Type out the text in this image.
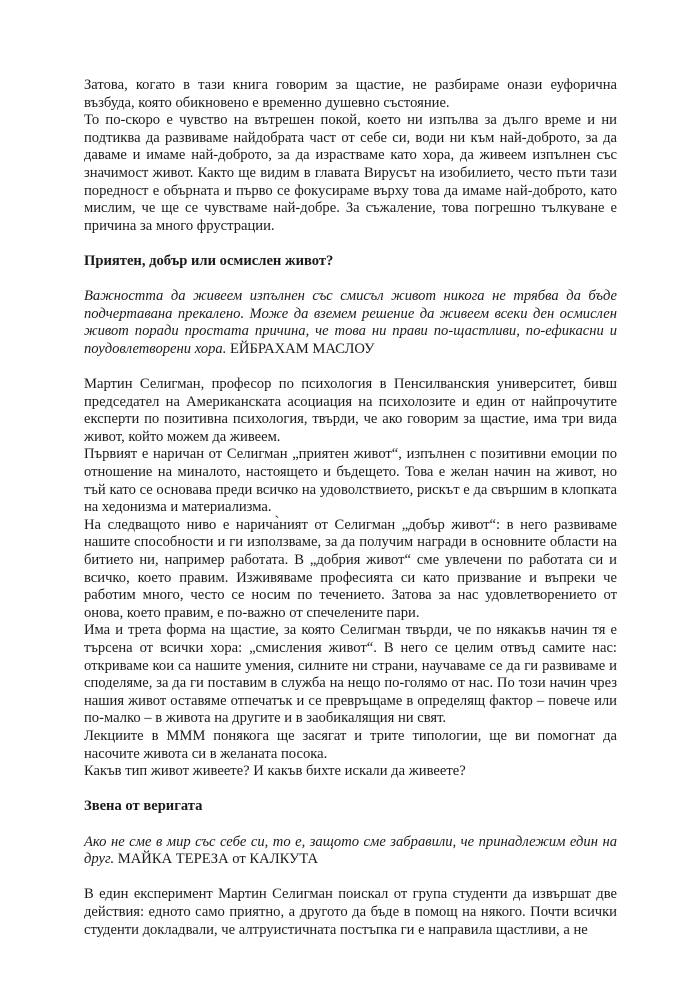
Затова, когато в тази книга говорим за щастие, не разбираме онази еуфорична възбуда, която обикновено е временно душевно състояние.

То по-скоро е чувство на вътрешен покой, което ни изпълва за дълго време и ни подтиква да развиваме найдобрата част от себе си, води ни към най-доброто, за да даваме и имаме най-доброто, за да израстваме като хора, да живеем изпълнен със значимост живот. Както ще видим в главата Вирусът на изобилието, често пъти тази поредност е обърната и първо се фокусираме върху това да имаме най-доброто, като мислим, че ще се чувстваме най-добре. За съжаление, това погрешно тълкуване е причина за много фрустрации.

Приятен, добър или осмислен живот?

Важността да живеем изпълнен със смисъл живот никога не трябва да бъде подчертавана прекалено. Може да вземем решение да живеем всеки ден осмислен живот поради простата причина, че това ни прави по-щастливи, по-ефикасни и поудовлетворени хора. ЕЙБРАХАМ МАСЛОУ

Мартин Селигман, професор по психология в Пенсилванския университет, бивш председател на Американската асоциация на психолозите и един от найпрочутите експерти по позитивна психология, твърди, че ако говорим за щастие, има три вида живот, който можем да живеем.

Първият е наричан от Селигман „приятен живот“, изпълнен с позитивни емоции по отношение на миналото, настоящето и бъдещето. Това е желан начин на живот, но тъй като се основава преди всичко на удоволствието, рискът е да свършим в клопката на хедонизма и материализма.

На следващото ниво е нарича̀ният от Селигман „добър живот“: в него развиваме нашите способности и ги използваме, за да получим награди в основните области на битието ни, например работата. В „добрия живот“ сме увлечени по работата си и всичко, което правим. Изживяваме професията си като призвание и въпреки че работим много, често се носим по течението. Затова за нас удовлетворението от онова, което правим, е по-важно от спечелените пари.

Има и трета форма на щастие, за която Селигман твърди, че по някакъв начин тя е търсена от всички хора: „смисления живот“. В него се целим отвъд самите нас: откриваме кои са нашите умения, силните ни страни, научаваме се да ги развиваме и споделяме, за да ги поставим в служба на нещо по-голямо от нас. По този начин чрез нашия живот оставяме отпечатък и се превръщаме в определящ фактор – повече или по-малко – в живота на другите и в заобикалящия ни свят.

Лекциите в МММ понякога ще засягат и трите типологии, ще ви помогнат да насочите живота си в желаната посока.

Какъв тип живот живеете? И какъв бихте искали да живеете?

Звена от веригата

Ако не сме в мир със себе си, то е, защото сме забравили, че принадлежим един на друг. МАЙКА ТЕРЕЗА от КАЛКУТА

В един експеримент Мартин Селигман поискал от група студенти да извършат две действия: едното само приятно, а другото да бъде в помощ на някого. Почти всички студенти докладвали, че алтруистичната постъпка ги е направила щастливи, а не
